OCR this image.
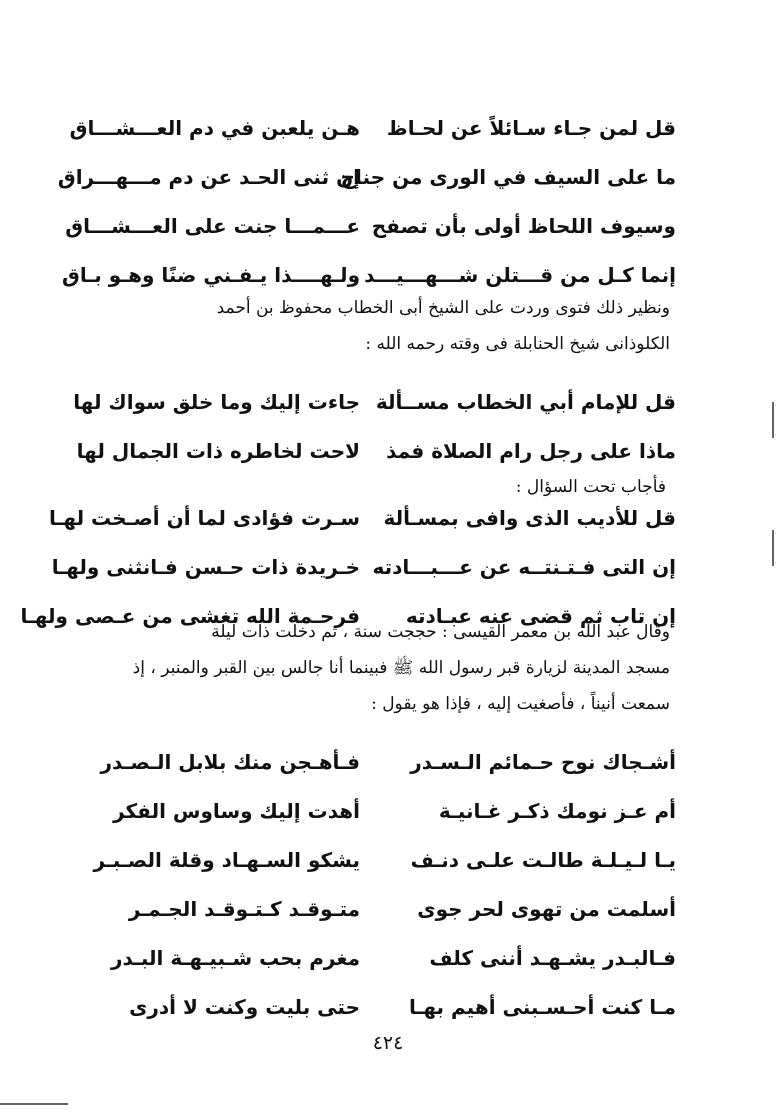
قل لمن جـاء سـائلاً عن لحـاظ
هـن يلعبن في دم العـــشـــاق
ما على السيف في الورى من جناح
إن ثنى الحـد عن دم مـــهـــراق
وسيوف اللحاظ أولى بأن تصفح
عـــمـــا جنت على العـــشـــاق
إنما كـل من قـــتلن شـــهـــيـــد
ولـهــــذا يـفـني ضنًا وهـو بـاق

ونظير ذلك فتوى وردت على الشيخ أبى الخطاب محفوظ بن أحمد

الكلوذانى شيخ الحنابلة فى وقته رحمه الله :

قل للإمام أبي الخطاب مســألة
جاءت إليك وما خلق سواك لها
ماذا على رجل رام الصلاة فمذ
لاحت لخاطره ذات الجمال لها
فأجاب تحت السؤال :
قل للأديب الذى وافى بمسـألة
سـرت فؤادى لما أن أصـخت لهـا
إن التى فـتـنتــه عن عـــبـــادته
خـريدة ذات حـسن فـانثنى ولهـا
إن تاب ثم قضى عنه عبـادته
فرحـمة الله تغشى من عـصى ولهـا

وقال عبد الله بن معمر القيسى : حججت سنة ، ثم دخلت ذات ليلة

مسجد المدينة لزيارة قبر رسول الله ﷺ فبينما أنا جالس بين القبر والمنبر ، إذ

سمعت أنيناً ، فأصغيت إليه ، فإذا هو يقول :

أشـجاك نوح حـمائم الـسـدر
فـأهـجن منك بلابل الـصـدر
أم عـز نومك ذكـر غـانيـة
أهدت إليك وساوس الفكر
يـا لـيـلـة طالـت علـى دنـف
يشكو السـهـاد وقلة الصـبـر
أسلمت من تهوى لحر جوى
متـوقـد كـتـوقـد الجـمـر
فـالبـدر يشـهـد أننى كلف
مغرم بحب شـبيـهـة البـدر
مـا كنت أحـسـبنى أهيم بهـا
حتى بليت وكنت لا أدرى
٤٢٤
